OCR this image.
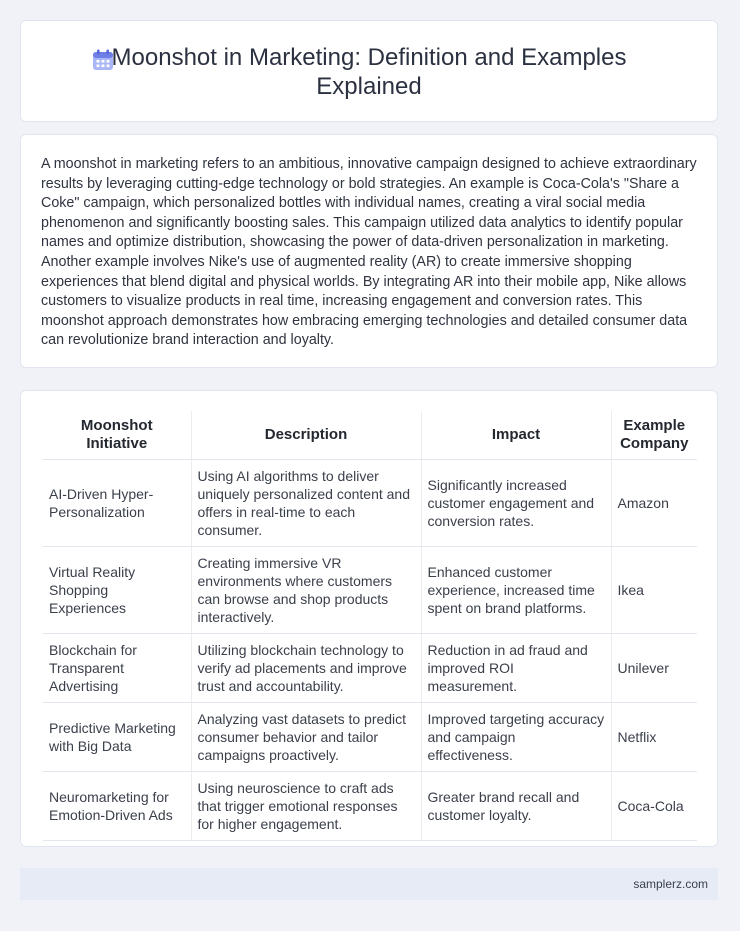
Moonshot in Marketing: Definition and Examples Explained

A moonshot in marketing refers to an ambitious, innovative campaign designed to achieve extraordinary results by leveraging cutting-edge technology or bold strategies. An example is Coca-Cola's "Share a Coke" campaign, which personalized bottles with individual names, creating a viral social media phenomenon and significantly boosting sales. This campaign utilized data analytics to identify popular names and optimize distribution, showcasing the power of data-driven personalization in marketing. Another example involves Nike's use of augmented reality (AR) to create immersive shopping experiences that blend digital and physical worlds. By integrating AR into their mobile app, Nike allows customers to visualize products in real time, increasing engagement and conversion rates. This moonshot approach demonstrates how embracing emerging technologies and detailed consumer data can revolutionize brand interaction and loyalty.

Moonshot Initiative	Description	Impact	Example Company
AI-Driven Hyper-Personalization	Using AI algorithms to deliver uniquely personalized content and offers in real-time to each consumer.	Significantly increased customer engagement and conversion rates.	Amazon
Virtual Reality Shopping Experiences	Creating immersive VR environments where customers can browse and shop products interactively.	Enhanced customer experience, increased time spent on brand platforms.	Ikea
Blockchain for Transparent Advertising	Utilizing blockchain technology to verify ad placements and improve trust and accountability.	Reduction in ad fraud and improved ROI measurement.	Unilever
Predictive Marketing with Big Data	Analyzing vast datasets to predict consumer behavior and tailor campaigns proactively.	Improved targeting accuracy and campaign effectiveness.	Netflix
Neuromarketing for Emotion-Driven Ads	Using neuroscience to craft ads that trigger emotional responses for higher engagement.	Greater brand recall and customer loyalty.	Coca-Cola
samplerz.com
